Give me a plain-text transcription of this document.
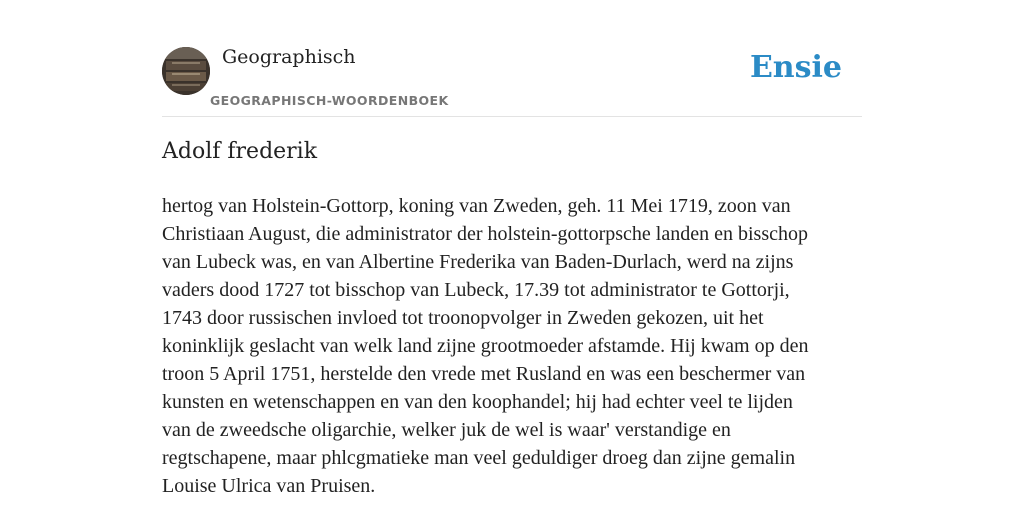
Geographisch
GEOGRAPHISCH-WOORDENBOEK
Ensie
Adolf frederik

hertog van Holstein-Gottorp, koning van Zweden, geh. 11 Mei 1719, zoon van
Christiaan August, die administrator der holstein-gottorpsche landen en bisschop
van Lubeck was, en van Albertine Frederika van Baden-Durlach, werd na zijns
vaders dood 1727 tot bisschop van Lubeck, 17.39 tot administrator te Gottorji,
1743 door russischen invloed tot troonopvolger in Zweden gekozen, uit het
koninklijk geslacht van welk land zijne grootmoeder afstamde. Hij kwam op den
troon 5 April 1751, herstelde den vrede met Rusland en was een beschermer van
kunsten en wetenschappen en van den koophandel; hij had echter veel te lijden
van de zweedsche oligarchie, welker juk de wel is waar' verstandige en
regtschapene, maar phlcgmatieke man veel geduldiger droeg dan zijne gemalin
Louise Ulrica van Pruisen.
